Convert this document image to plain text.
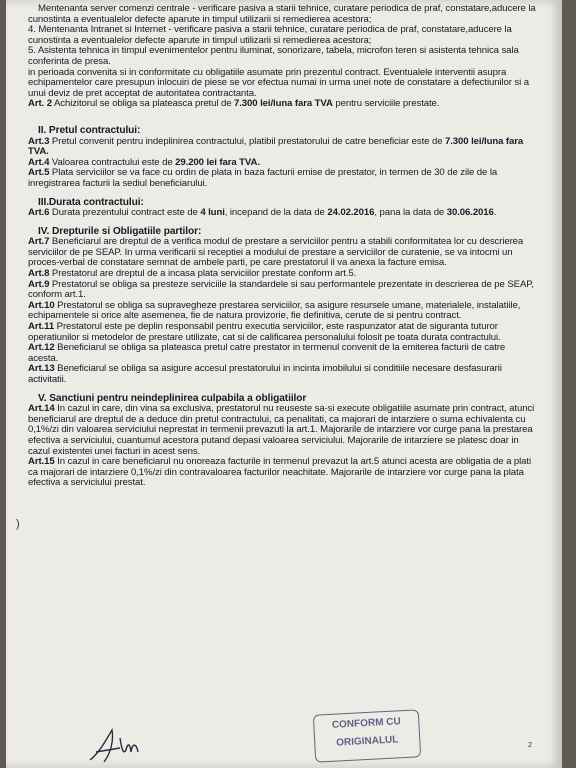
Mentenanta server comenzi centrale - verificare pasiva a starii tehnice, curatare periodica de praf, constatare,aducere la cunostinta a eventualelor defecte aparute in timpul utilizarii si remedierea acestora;

4. Mentenanta Intranet si Internet - verificare pasiva a starii tehnice, curatare periodica de praf, constatare,aducere la cunostinta a eventualelor defecte aparute in timpul utilizarii si remedierea acestora;

5. Asistenta tehnica in timpul evenimentelor pentru iluminat, sonorizare, tabela, microfon teren si asistenta tehnica sala conferinta de presa.

in perioada convenita si in conformitate cu obligatiile asumate prin prezentul contract. Eventualele interventii asupra echipamentelor care presupun inlocuiri de piese se vor efectua numai in urma unei note de constatare a defectiunilor si a unui deviz de pret acceptat de autoritatea contractanta.

Art. 2 Achizitorul se obliga sa plateasca pretul de 7.300 lei/luna fara TVA pentru serviciile prestate.

II. Pretul contractului:

Art.3 Pretul convenit pentru indeplinirea contractului, platibil prestatorului de catre beneficiar este de 7.300 lei/luna fara TVA.

Art.4 Valoarea contractului este de 29.200 lei fara TVA.

Art.5 Plata serviciilor se va face cu ordin de plata in baza facturii emise de prestator, in termen de 30 de zile de la inregistrarea facturii la sediul beneficiarului.

III.Durata contractului:

Art.6 Durata prezentului contract este de 4 luni, incepand de la data de 24.02.2016, pana la data de 30.06.2016.

IV. Drepturile si Obligatiile partilor:

Art.7 Beneficiarul are dreptul de a verifica modul de prestare a serviciilor pentru a stabili conformitatea lor cu descrierea serviciilor de pe SEAP. In urma verificarii si receptiei a modului de prestare a serviciilor de curatenie, se va intocmi un proces-verbal de constatare semnat de ambele parti, pe care prestatorul il va anexa la facture emisa.

Art.8 Prestatorul are dreptul de a incasa plata serviciilor prestate conform art.5.

Art.9 Prestatorul se obliga sa presteze serviciile la standardele si sau performantele prezentate in descrierea de pe SEAP, conform art.1.

Art.10 Prestatorul se obliga sa supravegheze prestarea serviciilor, sa asigure resursele umane, materialele, instalatiile, echipamentele si orice alte asemenea, fie de natura provizorie, fie definitiva, cerute de si pentru contract.

Art.11 Prestatorul este pe deplin responsabil pentru executia serviciilor, este raspunzator atat de siguranta tuturor operatiunilor si metodelor de prestare utilizate, cat si de calificarea personalului folosit pe toata durata contractului.

Art.12 Beneficiarul se obliga sa plateasca pretul catre prestator in termenul convenit de la emiterea facturii de catre acesta.

Art.13 Beneficiarul se obliga sa asigure accesul prestatorului in incinta imobilului si conditiile necesare desfasurarii activitatii.

V. Sanctiuni pentru neindeplinirea culpabila a obligatiilor

Art.14 In cazul in care, din vina sa exclusiva, prestatorul nu reuseste sa-si execute obligatiile asumate prin contract, atunci beneficiarul are dreptul de a deduce din pretul contractului, ca penalitati, ca majorari de intarziere o suma echivalenta cu 0,1%/zi din valoarea serviciului neprestat in termenii prevazuti la art.1. Majorarile de intarziere vor curge pana la prestarea efectiva a serviciului, cuantumul acestora putand depasi valoarea serviciului. Majorarile de intarziere se platesc doar in cazul existentei unei facturi in acest sens.

Art.15 In cazul in care beneficiarul nu onoreaza facturile in termenul prevazut la art.5 atunci acesta are obligatia de a plati ca majorari de intarziere 0,1%/zi din contravaloarea facturilor neachitate. Majorarile de intarziere vor curge pana la plata efectiva a serviciului prestat.

)
CONFORM CU
ORIGINALUL	2
